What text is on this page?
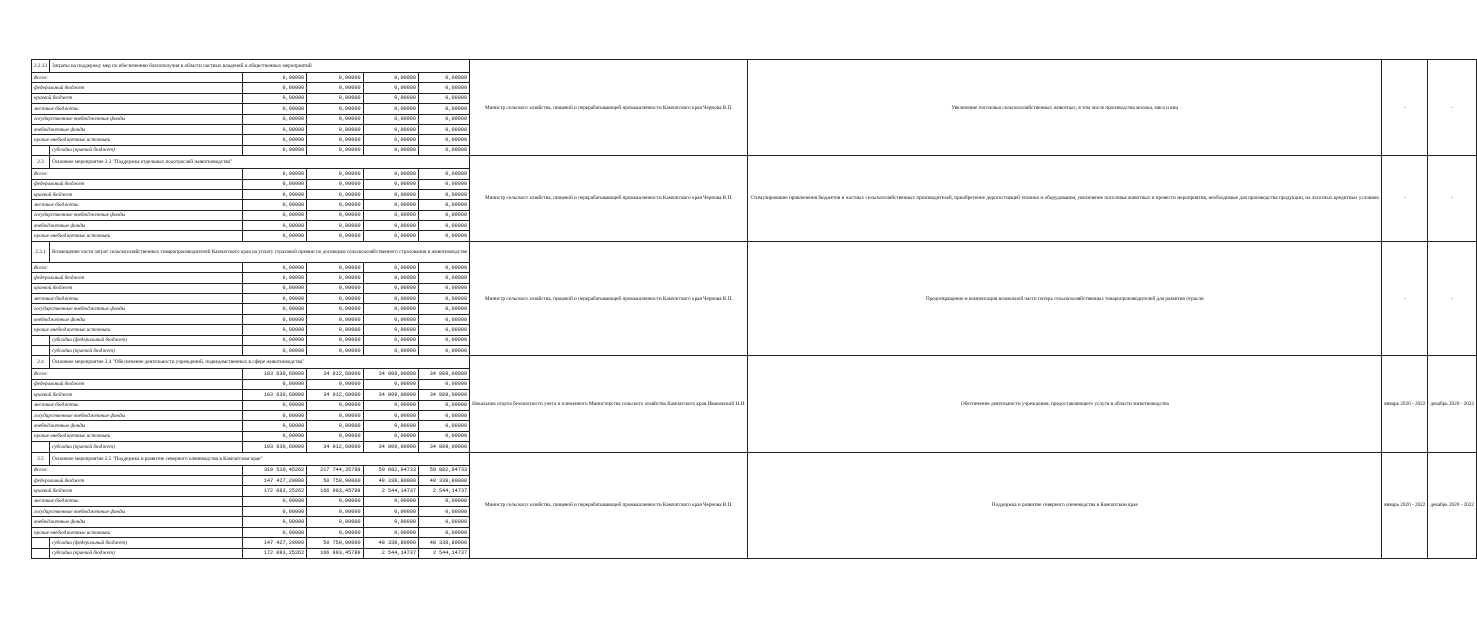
2.2.13	Затраты на поддержку мер по обеспечению благополучия в области частных владений и общественных мероприятий					Министр сельского хозяйства, пищевой и перерабатывающей промышленности Камчатского края Чернова В.П.	Увеличение поголовья сельскохозяйственных животных, в том числе производства молока, мяса и яиц	-	-
Всего:		0,00000	0,00000	0,00000	0,00000				
федеральный бюджет		0,00000	0,00000	0,00000	0,00000				
краевой бюджет		0,00000	0,00000	0,00000	0,00000				
местные бюджеты		0,00000	0,00000	0,00000	0,00000				
государственные внебюджетные фонды		0,00000	0,00000	0,00000	0,00000				
внебюджетные фонды		0,00000	0,00000	0,00000	0,00000				
прочие внебюджетные источники		0,00000	0,00000	0,00000	0,00000				
	субсидии (краевой бюджет)	0,00000	0,00000	0,00000	0,00000				
2.3	Основное мероприятие 2.3 "Поддержка отдельных подотраслей животноводства"					Министр сельского хозяйства, пищевой и перерабатывающей промышленности Камчатского края Чернова В.П.	Стимулирование привлечения бюджетов и частных сельскохозяйственных производителей, приобретение дорогостоящей техники и оборудования, увеличение поголовья животных и провести мероприятия, необходимые для производства продукции, на льготных кредитных условиях	-	-
Всего:		0,00000	0,00000	0,00000	0,00000				
федеральный бюджет		0,00000	0,00000	0,00000	0,00000				
краевой бюджет		0,00000	0,00000	0,00000	0,00000				
местные бюджеты		0,00000	0,00000	0,00000	0,00000				
государственные внебюджетные фонды		0,00000	0,00000	0,00000	0,00000				
внебюджетные фонды		0,00000	0,00000	0,00000	0,00000				
прочие внебюджетные источники		0,00000	0,00000	0,00000	0,00000				
2.3.1	Возмещение части затрат сельскохозяйственных товаропроизводителей Камчатского края на уплату страховой премии по договорам сельскохозяйственного страхования в животноводстве					Министр сельского хозяйства, пищевой и перерабатывающей промышленности Камчатского края Чернова В.П.	Предотвращение и компенсация возможной части потерь сельскохозяйственных товаропроизводителей для развития отрасли	-	-
Всего:		0,00000	0,00000	0,00000	0,00000				
федеральный бюджет		0,00000	0,00000	0,00000	0,00000				
краевой бюджет		0,00000	0,00000	0,00000	0,00000				
местные бюджеты		0,00000	0,00000	0,00000	0,00000				
государственные внебюджетные фонды		0,00000	0,00000	0,00000	0,00000				
внебюджетные фонды		0,00000	0,00000	0,00000	0,00000				
прочие внебюджетные источники		0,00000	0,00000	0,00000	0,00000				
	субсидии (федеральный бюджет)	0,00000	0,00000	0,00000	0,00000				
	субсидии (краевой бюджет)	0,00000	0,00000	0,00000	0,00000				
2.4	Основное мероприятие 2.4 "Обеспечение деятельности учреждений, подведомственных в сфере животноводства"					Начальник отдела безопасности учета и племенного Министерства сельского хозяйства Камчатского края Ивановский Н.И.	Обеспечение деятельности учреждения, предоставляющего услуги в области животноводства	январь 2020 - 2022	декабрь 2020 - 2022
Всего:		103 630,60000	34 012,60000	34 809,00000	34 809,00000				
федеральный бюджет		0,00000	0,00000	0,00000	0,00000				
краевой бюджет		103 630,60000	34 012,60000	34 809,00000	34 809,00000				
местные бюджеты		0,00000	0,00000	0,00000	0,00000				
государственные внебюджетные фонды		0,00000	0,00000	0,00000	0,00000				
внебюджетные фонды		0,00000	0,00000	0,00000	0,00000				
прочие внебюджетные источники		0,00000	0,00000	0,00000	0,00000				
	субсидии (краевой бюджет)	103 630,60000	34 012,60000	34 809,00000	34 809,00000				
2.5	Основное мероприятие 2.5 "Поддержка и развитие северного оленеводства в Камчатском крае"					Министр сельского хозяйства, пищевой и перерабатывающей промышленности Камчатского края Чернова В.П.	Поддержка и развитие северного оленеводства в Камчатском крае	январь 2020 - 2022	декабрь 2020 - 2022
Всего:		319 510,45262	217 744,35789	50 882,94733	50 882,94733				
федеральный бюджет		147 427,20000	50 750,90000	48 338,80000	48 338,80000				
краевой бюджет		172 083,25262	166 993,45789	2 544,14737	2 544,14737				
местные бюджеты		0,00000	0,00000	0,00000	0,00000				
государственные внебюджетные фонды		0,00000	0,00000	0,00000	0,00000				
внебюджетные фонды		0,00000	0,00000	0,00000	0,00000				
прочие внебюджетные источники		0,00000	0,00000	0,00000	0,00000				
	субсидии (федеральный бюджет)	147 427,20000	50 750,90000	48 338,80000	48 338,80000				
	субсидии (краевой бюджет)	172 083,25262	166 993,45789	2 544,14737	2 544,14737				
